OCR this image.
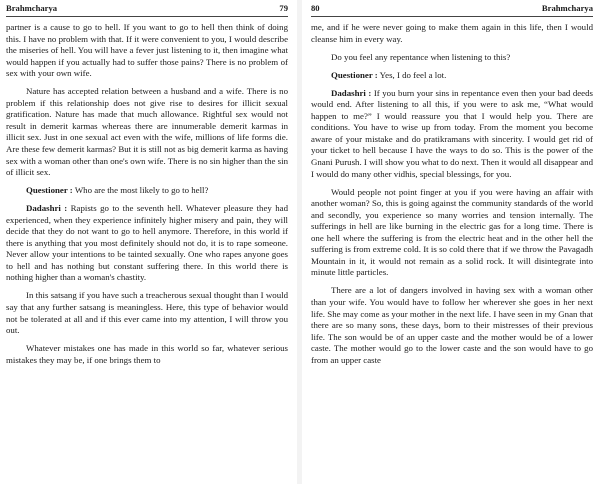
Brahmcharya	79

partner is a cause to go to hell. If you want to go to hell then think of doing this. I have no problem with that. If it were convenient to you, I would describe the miseries of hell. You will have a fever just listening to it, then imagine what would happen if you actually had to suffer those pains? There is no problem of sex with your own wife.

Nature has accepted relation between a husband and a wife. There is no problem if this relationship does not give rise to desires for illicit sexual gratification. Nature has made that much allowance. Rightful sex would not result in demerit karmas whereas there are innumerable demerit karmas in illicit sex. Just in one sexual act even with the wife, millions of life forms die. Are these few demerit karmas? But it is still not as big demerit karma as having sex with a woman other than one's own wife. There is no sin higher than the sin of illicit sex.

Questioner : Who are the most likely to go to hell?

Dadashri : Rapists go to the seventh hell. Whatever pleasure they had experienced, when they experience infinitely higher misery and pain, they will decide that they do not want to go to hell anymore. Therefore, in this world if there is anything that you most definitely should not do, it is to rape someone. Never allow your intentions to be tainted sexually. One who rapes anyone goes to hell and has nothing but constant suffering there. In this world there is nothing higher than a woman's chastity.

In this satsang if you have such a treacherous sexual thought than I would say that any further satsang is meaningless. Here, this type of behavior would not be tolerated at all and if this ever came into my attention, I will throw you out.

Whatever mistakes one has made in this world so far, whatever serious mistakes they may be, if one brings them to

80	Brahmcharya

me, and if he were never going to make them again in this life, then I would cleanse him in every way.

Do you feel any repentance when listening to this?

Questioner : Yes, I do feel a lot.

Dadashri : If you burn your sins in repentance even then your bad deeds would end. After listening to all this, if you were to ask me, “What would happen to me?” I would reassure you that I would help you. There are conditions. You have to wise up from today. From the moment you become aware of your mistake and do pratikramans with sincerity. I would get rid of your ticket to hell because I have the ways to do so. This is the power of the Gnani Purush. I will show you what to do next. Then it would all disappear and I would do many other vidhis, special blessings, for you.

Would people not point finger at you if you were having an affair with another woman? So, this is going against the community standards of the world and secondly, you experience so many worries and tension internally. The sufferings in hell are like burning in the electric gas for a long time. There is one hell where the suffering is from the electric heat and in the other hell the suffering is from extreme cold. It is so cold there that if we throw the Pavagadh Mountain in it, it would not remain as a solid rock. It will disintegrate into minute little particles.

There are a lot of dangers involved in having sex with a woman other than your wife. You would have to follow her wherever she goes in her next life. She may come as your mother in the next life. I have seen in my Gnan that there are so many sons, these days, born to their mistresses of their previous life. The son would be of an upper caste and the mother would be of a lower caste. The mother would go to the lower caste and the son would have to go from an upper caste
